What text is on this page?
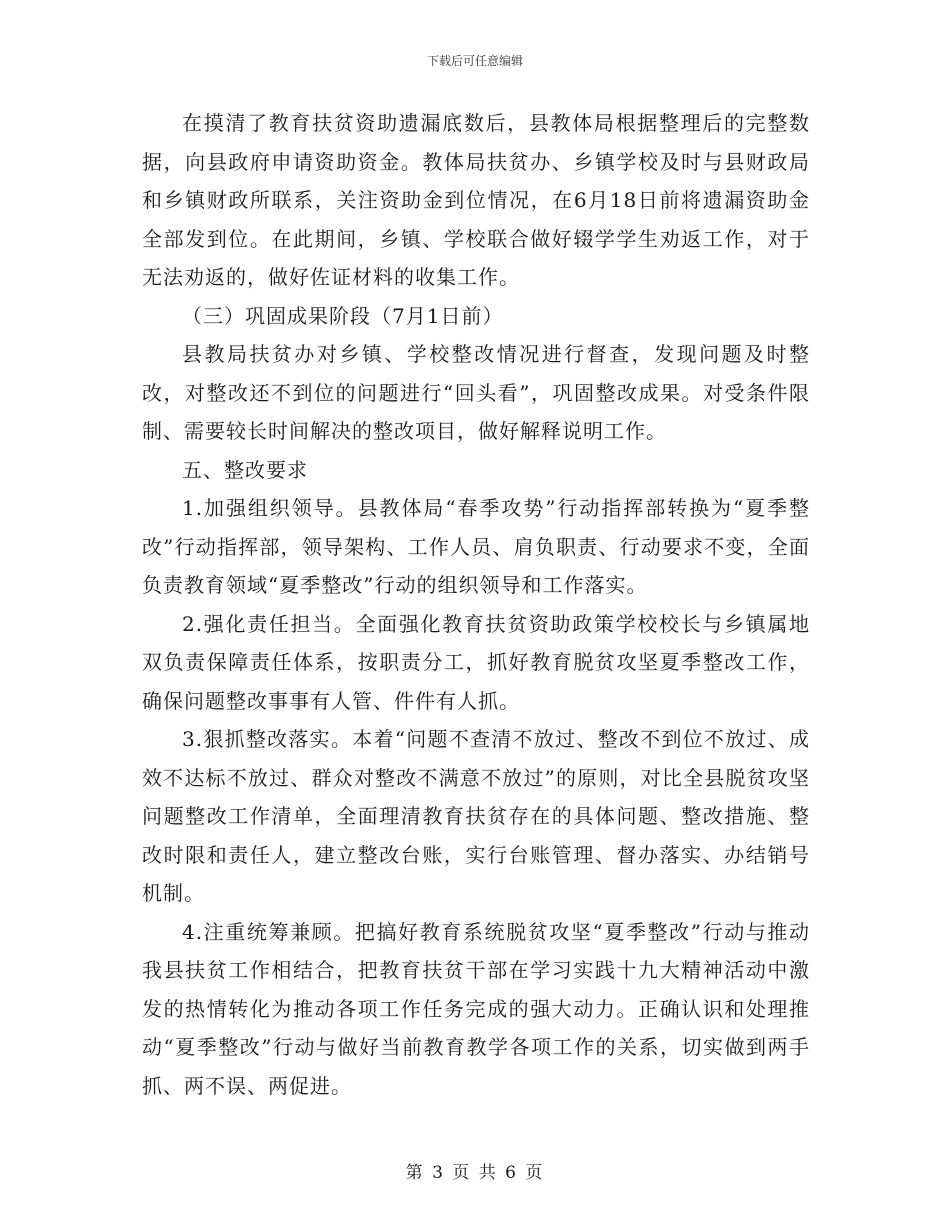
下载后可任意编辑

在摸清了教育扶贫资助遗漏底数后，县教体局根据整理后的完整数据，向县政府申请资助资金。教体局扶贫办、乡镇学校及时与县财政局和乡镇财政所联系，关注资助金到位情况，在6月18日前将遗漏资助金全部发到位。在此期间，乡镇、学校联合做好辍学学生劝返工作，对于无法劝返的，做好佐证材料的收集工作。

（三）巩固成果阶段（7月1日前）

县教局扶贫办对乡镇、学校整改情况进行督查，发现问题及时整改，对整改还不到位的问题进行“回头看”，巩固整改成果。对受条件限制、需要较长时间解决的整改项目，做好解释说明工作。

五、整改要求

1.加强组织领导。县教体局“春季攻势”行动指挥部转换为“夏季整改”行动指挥部，领导架构、工作人员、肩负职责、行动要求不变，全面负责教育领域“夏季整改”行动的组织领导和工作落实。

2.强化责任担当。全面强化教育扶贫资助政策学校校长与乡镇属地双负责保障责任体系，按职责分工，抓好教育脱贫攻坚夏季整改工作，确保问题整改事事有人管、件件有人抓。

3.狠抓整改落实。本着“问题不查清不放过、整改不到位不放过、成效不达标不放过、群众对整改不满意不放过”的原则，对比全县脱贫攻坚问题整改工作清单，全面理清教育扶贫存在的具体问题、整改措施、整改时限和责任人，建立整改台账，实行台账管理、督办落实、办结销号机制。

4.注重统筹兼顾。把搞好教育系统脱贫攻坚“夏季整改”行动与推动我县扶贫工作相结合，把教育扶贫干部在学习实践十九大精神活动中激发的热情转化为推动各项工作任务完成的强大动力。正确认识和处理推动“夏季整改”行动与做好当前教育教学各项工作的关系，切实做到两手抓、两不误、两促进。

第 3 页 共 6 页
